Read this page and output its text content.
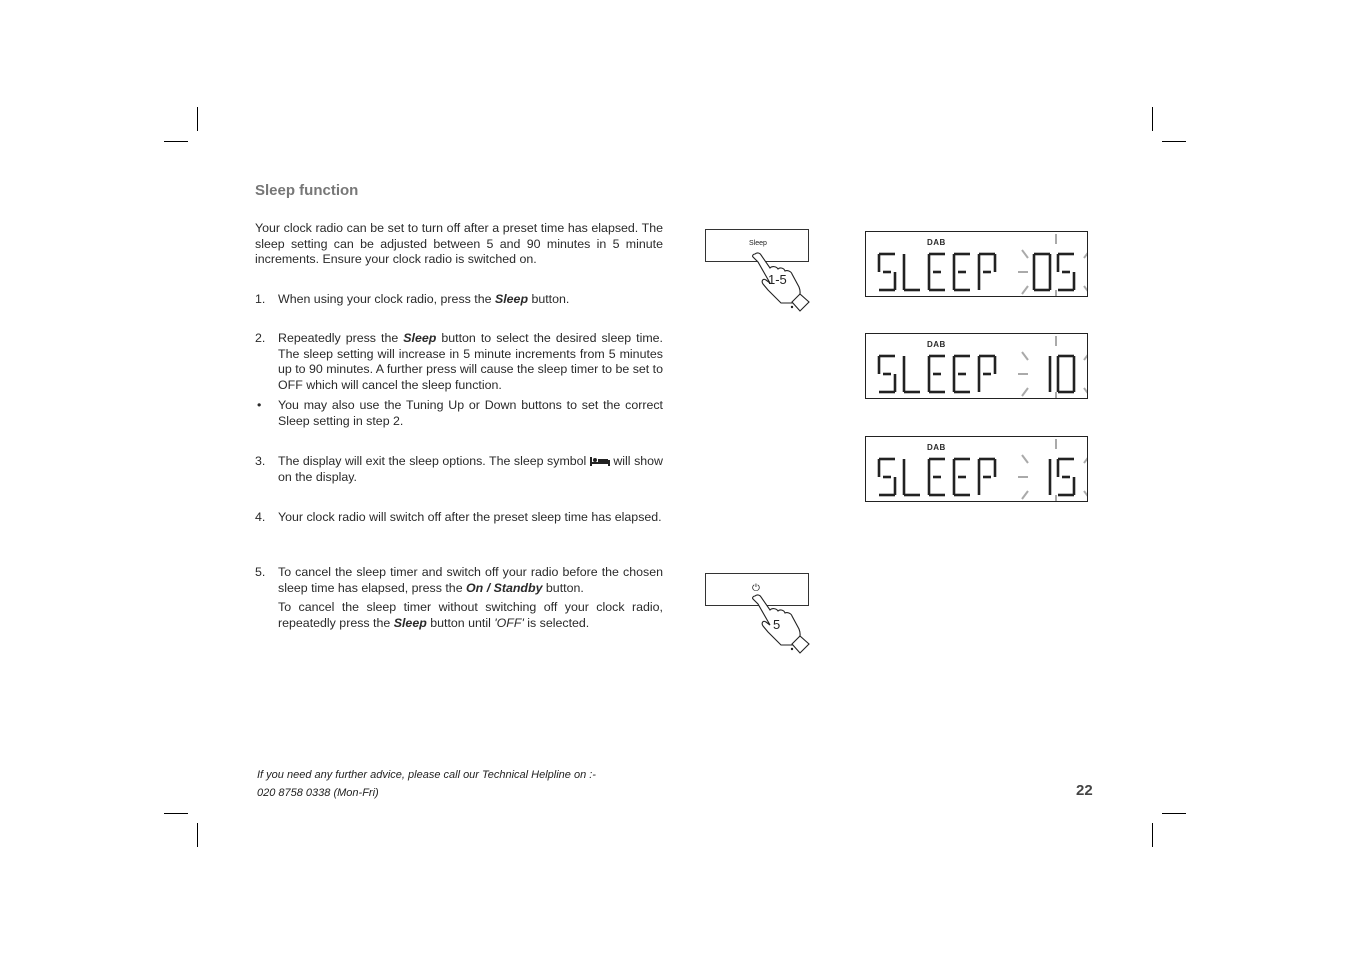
Sleep function

Your clock radio can be set to turn off after a preset time has elapsed. The sleep setting can be adjusted between 5 and 90 minutes in 5 minute increments. Ensure your clock radio is switched on.

1. When using your clock radio, press the Sleep button.

2. Repeatedly press the Sleep button to select the desired sleep time. The sleep setting will increase in 5 minute increments from 5 minutes up to 90 minutes. A further press will cause the sleep timer to be set to OFF which will cancel the sleep function.

• You may also use the Tuning Up or Down buttons to set the correct Sleep setting in step 2.

3. The display will exit the sleep options. The sleep symbol  will show on the display.

4. Your clock radio will switch off after the preset sleep time has elapsed.

5. To cancel the sleep timer and switch off your radio before the chosen sleep time has elapsed, press the On / Standby button.

To cancel the sleep timer without switching off your clock radio, repeatedly press the Sleep button until 'OFF' is selected.

Sleep
1-5
⏻
5
DAB
DAB
DAB
If you need any further advice, please call our Technical Helpline on :-
020 8758 0338 (Mon-Fri)	22
